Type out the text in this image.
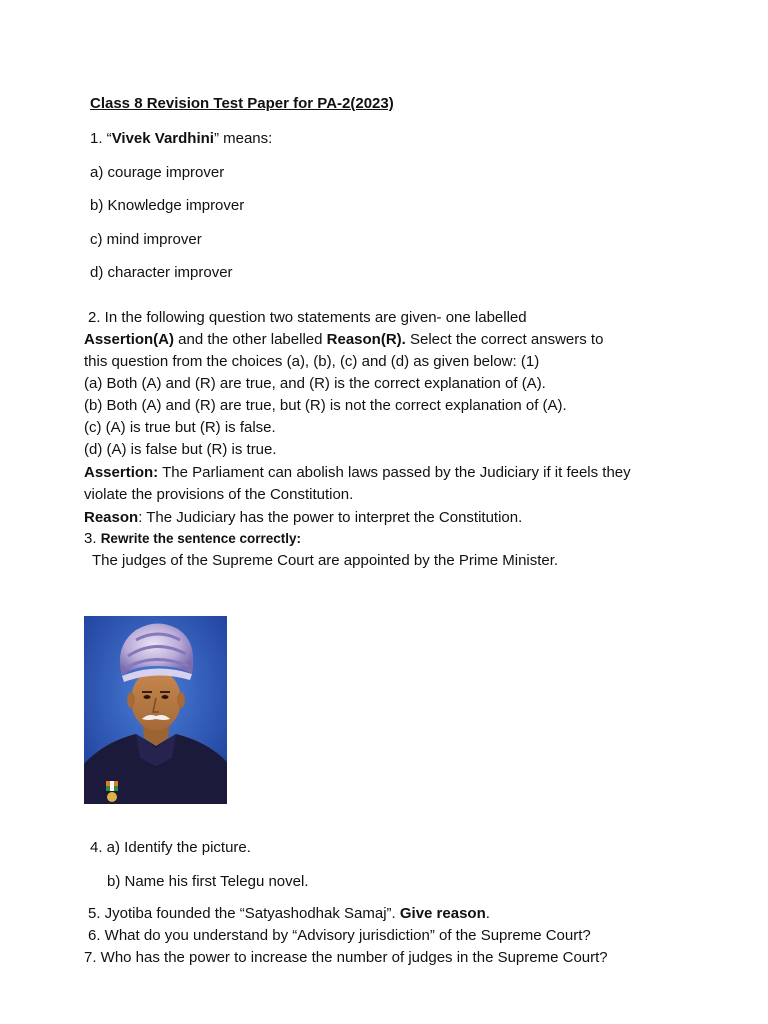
Class 8 Revision Test Paper for PA-2(2023)
1. “Vivek Vardhini” means:
a) courage improver
b) Knowledge improver
c) mind improver
d) character improver
2. In the following question two statements are given- one labelled
Assertion(A) and the other labelled Reason(R). Select the correct answers to
this question from the choices (a), (b), (c) and (d) as given below: (1)
(a) Both (A) and (R) are true, and (R) is the correct explanation of (A).
(b) Both (A) and (R) are true, but (R) is not the correct explanation of (A).
(c) (A) is true but (R) is false.
(d) (A) is false but (R) is true.
Assertion: The Parliament can abolish laws passed by the Judiciary if it feels they
violate the provisions of the Constitution.
Reason: The Judiciary has the power to interpret the Constitution.
3. Rewrite the sentence correctly:
The judges of the Supreme Court are appointed by the Prime Minister.
4. a) Identify the picture.
b) Name his first Telegu novel.
5. Jyotiba founded the “Satyashodhak Samaj”. Give reason.
6. What do you understand by “Advisory jurisdiction” of the Supreme Court?
7. Who has the power to increase the number of judges in the Supreme Court?
